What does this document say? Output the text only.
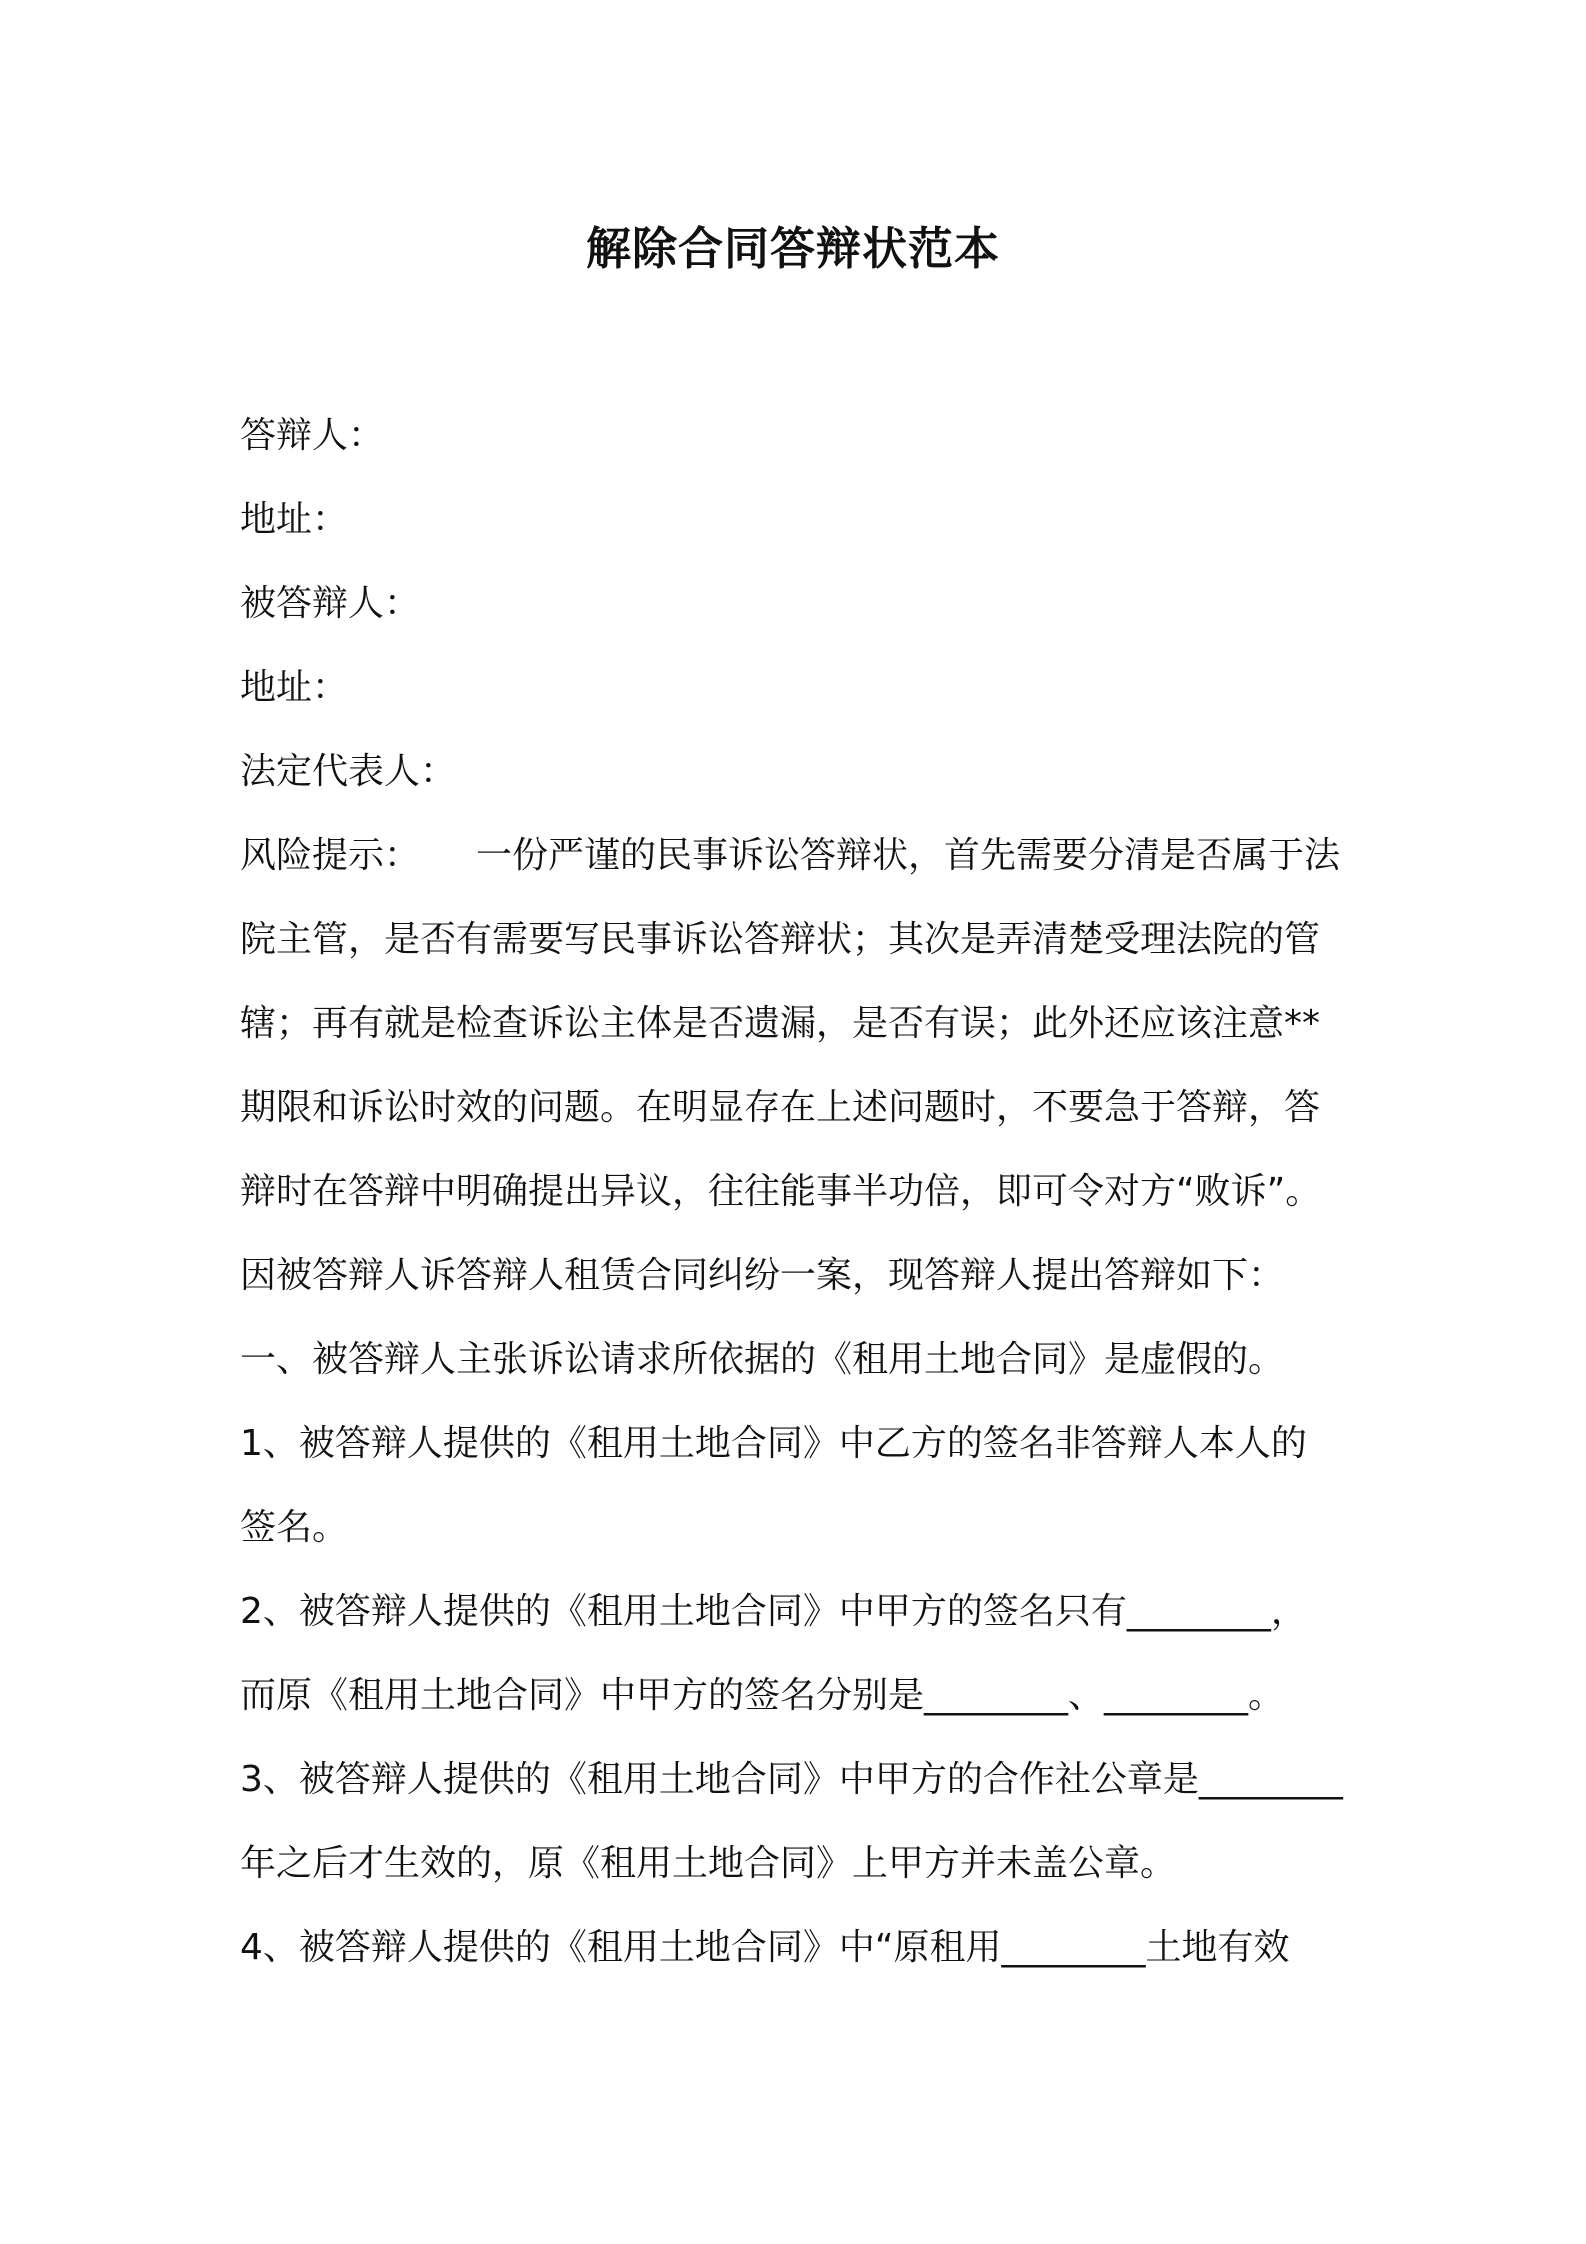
解除合同答辩状范本
答辩人：
地址：
被答辩人：
地址：
法定代表人：
风险提示： 一份严谨的民事诉讼答辩状，首先需要分清是否属于法
院主管，是否有需要写民事诉讼答辩状；其次是弄清楚受理法院的管
辖；再有就是检查诉讼主体是否遗漏，是否有误；此外还应该注意**
期限和诉讼时效的问题。在明显存在上述问题时，不要急于答辩，答
辩时在答辩中明确提出异议，往往能事半功倍，即可令对方“败诉”。
因被答辩人诉答辩人租赁合同纠纷一案，现答辩人提出答辩如下：
一、被答辩人主张诉讼请求所依据的《租用土地合同》是虚假的。
1、被答辩人提供的《租用土地合同》中乙方的签名非答辩人本人的
签名。
2、被答辩人提供的《租用土地合同》中甲方的签名只有________，
而原《租用土地合同》中甲方的签名分别是________、________。
3、被答辩人提供的《租用土地合同》中甲方的合作社公章是________
年之后才生效的，原《租用土地合同》上甲方并未盖公章。
4、被答辩人提供的《租用土地合同》中“原租用________土地有效
